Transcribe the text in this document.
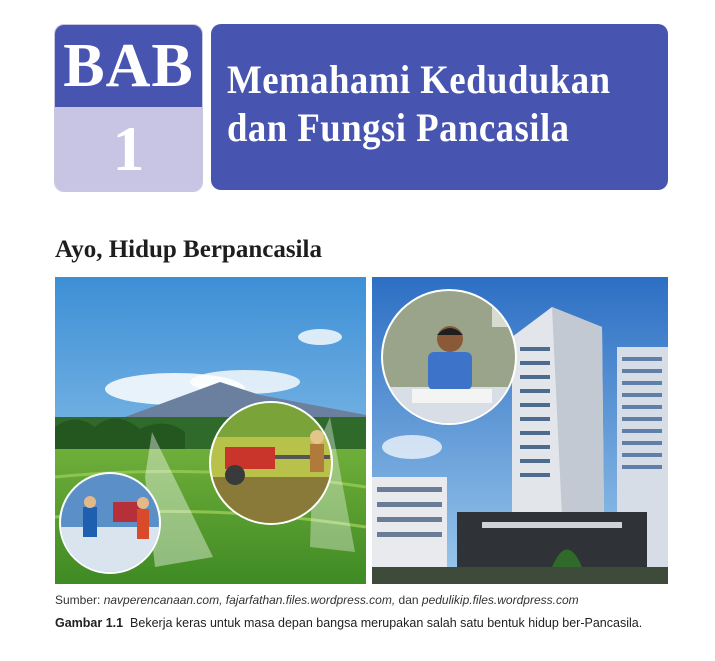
BAB
1
Memahami Kedudukan
dan Fungsi Pancasila
Ayo, Hidup Berpancasila
Sumber: navperencanaan.com, fajarfathan.files.wordpress.com, dan pedulikip.files.wordpress.com
Gambar 1.1 Bekerja keras untuk masa depan bangsa merupakan salah satu bentuk hidup ber-Pancasila.
